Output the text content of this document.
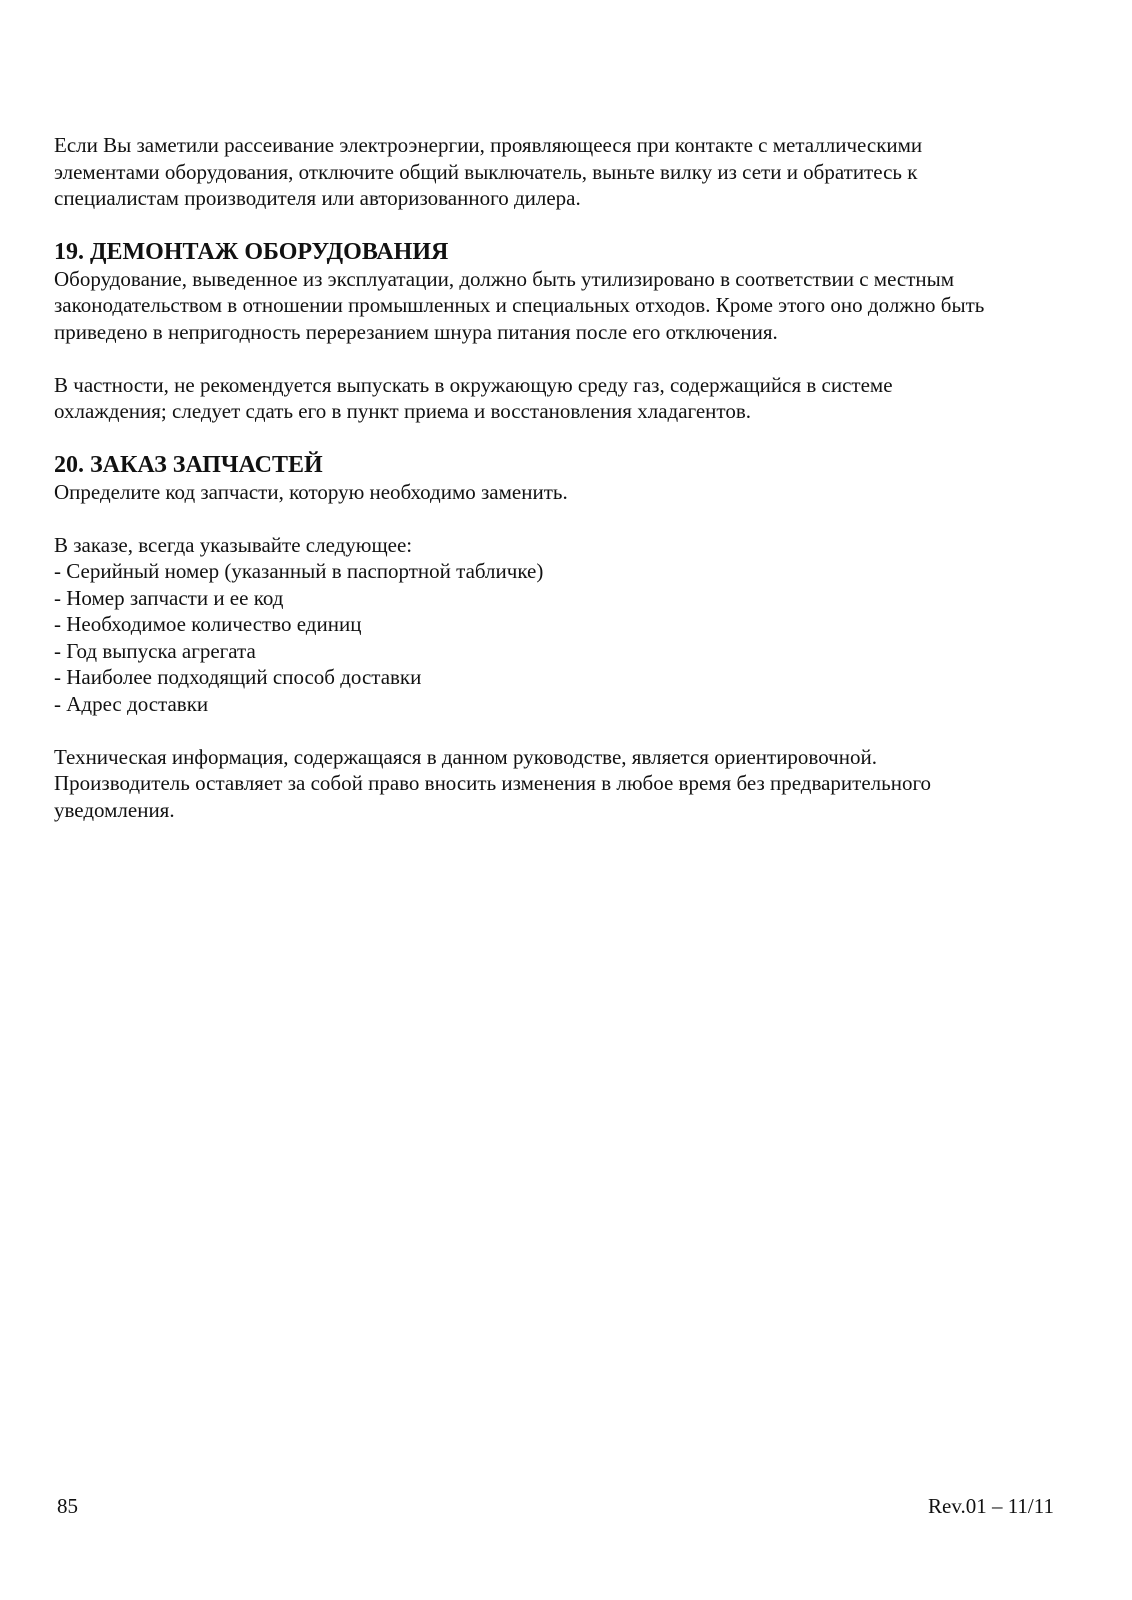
Если Вы заметили рассеивание электроэнергии, проявляющееся при контакте с металлическими
элементами оборудования, отключите общий выключатель, выньте вилку из сети и обратитесь к
специалистам производителя или авторизованного дилера.

19. ДЕМОНТАЖ ОБОРУДОВАНИЯ

Оборудование, выведенное из эксплуатации, должно быть утилизировано в соответствии с местным
законодательством в отношении промышленных и специальных отходов. Кроме этого оно должно быть
приведено в непригодность перерезанием шнура питания после его отключения.

В частности, не рекомендуется выпускать в окружающую среду газ, содержащийся в системе
охлаждения; следует сдать его в пункт приема и восстановления хладагентов.

20. ЗАКАЗ ЗАПЧАСТЕЙ

Определите код запчасти, которую необходимо заменить.

В заказе, всегда указывайте следующее:

- Серийный номер (указанный в паспортной табличке)
- Номер запчасти и ее код
- Необходимое количество единиц
- Год выпуска агрегата
- Наиболее подходящий способ доставки
- Адрес доставки

Техническая информация, содержащаяся в данном руководстве, является ориентировочной.
Производитель оставляет за собой право вносить изменения в любое время без предварительного
уведомления.

85	Rev.01 – 11/11
